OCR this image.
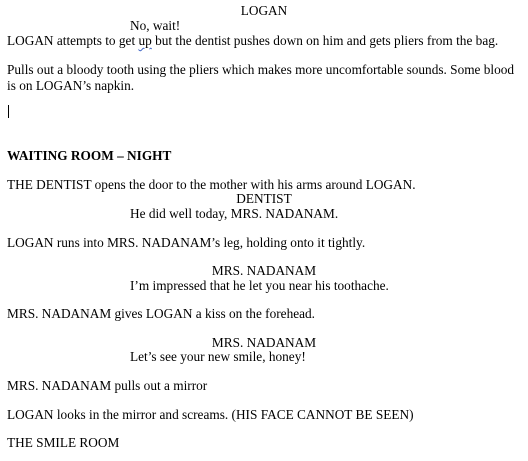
LOGAN
No, wait!
LOGAN attempts to get up but the dentist pushes down on him and gets pliers from the bag.
Pulls out a bloody tooth using the pliers which makes more uncomfortable sounds. Some blood is on LOGAN’s napkin.
WAITING ROOM – NIGHT
THE DENTIST opens the door to the mother with his arms around LOGAN.
DENTIST
He did well today, MRS. NADANAM.
LOGAN runs into MRS. NADANAM’s leg, holding onto it tightly.
MRS. NADANAM
I’m impressed that he let you near his toothache.
MRS. NADANAM gives LOGAN a kiss on the forehead.
MRS. NADANAM
Let’s see your new smile, honey!
MRS. NADANAM pulls out a mirror
LOGAN looks in the mirror and screams. (HIS FACE CANNOT BE SEEN)
THE SMILE ROOM
